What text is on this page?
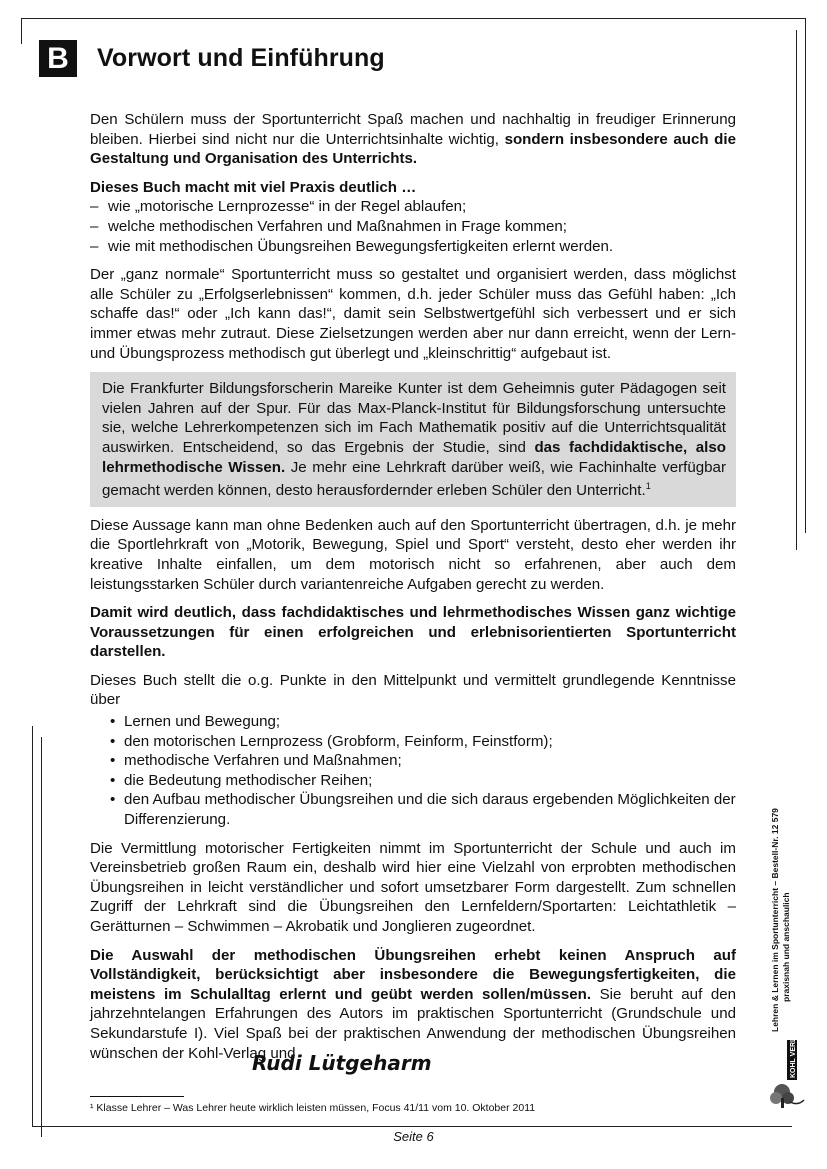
B	Vorwort und Einführung

Den Schülern muss der Sportunterricht Spaß machen und nachhaltig in freudiger Erinnerung bleiben. Hierbei sind nicht nur die Unterrichtsinhalte wichtig, sondern insbesondere auch die Gestaltung und Organisation des Unterrichts.

Dieses Buch macht mit viel Praxis deutlich …

– wie „motorische Lernprozesse“ in der Regel ablaufen;
– welche methodischen Verfahren und Maßnahmen in Frage kommen;
– wie mit methodischen Übungsreihen Bewegungsfertigkeiten erlernt werden.

Der „ganz normale“ Sportunterricht muss so gestaltet und organisiert werden, dass möglichst alle Schüler zu „Erfolgserlebnissen“ kommen, d.h. jeder Schüler muss das Gefühl haben: „Ich schaffe das!“ oder „Ich kann das!“, damit sein Selbstwertgefühl sich verbessert und er sich immer etwas mehr zutraut. Diese Zielsetzungen werden aber nur dann erreicht, wenn der Lern- und Übungsprozess methodisch gut überlegt und „kleinschrittig“ aufgebaut ist.

Die Frankfurter Bildungsforscherin Mareike Kunter ist dem Geheimnis guter Pädagogen seit vielen Jahren auf der Spur. Für das Max-Planck-Institut für Bildungsforschung untersuchte sie, welche Lehrerkompetenzen sich im Fach Mathematik positiv auf die Unterrichtsqualität auswirken. Entscheidend, so das Ergebnis der Studie, sind das fachdidaktische, also lehrmethodische Wissen. Je mehr eine Lehrkraft darüber weiß, wie Fachinhalte verfügbar gemacht werden können, desto herausfordernder erleben Schüler den Unterricht.$^1$

Diese Aussage kann man ohne Bedenken auch auf den Sportunterricht übertragen, d.h. je mehr die Sportlehrkraft von „Motorik, Bewegung, Spiel und Sport“ versteht, desto eher werden ihr kreative Inhalte einfallen, um dem motorisch nicht so erfahrenen, aber auch dem leistungsstarken Schüler durch variantenreiche Aufgaben gerecht zu werden.

Damit wird deutlich, dass fachdidaktisches und lehrmethodisches Wissen ganz wichtige Voraussetzungen für einen erfolgreichen und erlebnisorientierten Sportunterricht darstellen.

Dieses Buch stellt die o.g. Punkte in den Mittelpunkt und vermittelt grundlegende Kenntnisse über

• Lernen und Bewegung;
• den motorischen Lernprozess (Grobform, Feinform, Feinstform);
• methodische Verfahren und Maßnahmen;
• die Bedeutung methodischer Reihen;
• den Aufbau methodischer Übungsreihen und die sich daraus ergebenden Möglichkeiten der Differenzierung.

Die Vermittlung motorischer Fertigkeiten nimmt im Sportunterricht der Schule und auch im Vereinsbetrieb großen Raum ein, deshalb wird hier eine Vielzahl von erprobten methodischen Übungsreihen in leicht verständlicher und sofort umsetzbarer Form dargestellt. Zum schnellen Zugriff der Lehrkraft sind die Übungsreihen den Lernfeldern/Sportarten: Leichtathletik – Gerätturnen – Schwimmen – Akrobatik und Jonglieren zugeordnet.

Die Auswahl der methodischen Übungsreihen erhebt keinen Anspruch auf Vollständigkeit, berücksichtigt aber insbesondere die Bewegungsfertigkeiten, die meistens im Schulalltag erlernt und geübt werden sollen/müssen. Sie beruht auf den jahrzehntelangen Erfahrungen des Autors im praktischen Sportunterricht (Grundschule und Sekundarstufe I). Viel Spaß bei der praktischen Anwendung der methodischen Übungsreihen wünschen der Kohl-Verlag und

Rudi Lütgeharm
¹ Klasse Lehrer – Was Lehrer heute wirklich leisten müssen, Focus 41/11 vom 10. Oktober 2011
Seite 6
Lehren & Lernen im Sportunterricht – Bestell-Nr. 12 579 praxisnah und anschaulich
KOHL VERLAG
